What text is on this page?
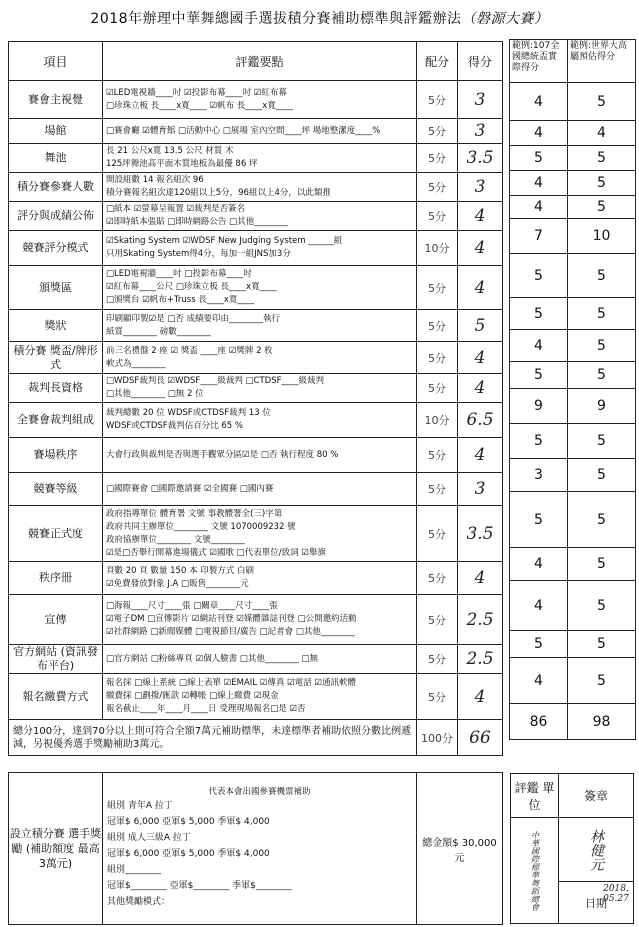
2018年辦理中華舞總國手選拔積分賽補助標準與評鑑辦法（磐源大賽）
項目	評鑑要點	配分	得分
賽會主視覺	☑LED電視牆____吋 ☑投影布幕____吋 ☑紅布幕
□珍珠立板 長____x寬____ ☑帆布 長____x寬____	5分	3
場館	□賽會廳 ☑體育館 □活動中心 □展場 室內空間____坪 場地整潔度____%	5分	3
舞池	長 21 公尺x寬 13.5 公尺 材質 木
125坪舞池高平面木質地板為最優 86 坪	5分	3.5
積分賽參賽人數	開設組數 14 報名組次 96
積分賽報名組次達120組以上5分，96組以上4分，以此類推	5分	3
評分與成績公佈	□紙本 ☑螢幕呈報置 ☑裁判是否簽名
☑即時紙本張貼 □即時網路公告 □其他________	5分	4
競賽評分模式	☑Skating System ☑WDSF New Judging System ______組
只用Skating System得4分，每加一組JNS加3分	10分	4
頒獎區	□LED電視牆____吋 □投影布幕____吋
☑紅布幕____公尺 □珍珠立板 長____x寬____
□頒獎台 ☑帆布+Truss 長____x寬____	5分	4
獎狀	印刷顯印製☑是 □否 成績要印由________執行
紙質________ 磅數________	5分	5
積分賽 獎盃/牌形式	前三名禮盤 2 座 ☑ 獎盃 ____座 ☑獎牌 2 枚
軟式為________	5分	4
裁判長資格	□WDSF裁判長 ☑WDSF____級裁判 □CTDSF____級裁判
□其他________ □無 2 位	5分	4
全賽會裁判組成	裁判總數 20 位 WDSF或CTDSF裁判 13 位
WDSF或CTDSF裁判佔百分比 65 %	10分	6.5
賽場秩序	大會行政與裁判是否與選手觀眾分區☑是 □否 執行程度 80 %	5分	4
競賽等級	□國際賽會 □國際邀請賽 ☑全國賽 □國內賽	5分	3
競賽正式度	政府指導單位 體育署 文號 事教體署全(三)字第
政府共同主辦單位________ 文號 1070009232 號
政府協辦單位________ 文號________
☑是□否舉行開幕進場儀式 ☑國歌 □代表單位/致詞 ☑舉旗	5分	3.5
秩序冊	頁數 20 頁 數量 150 本 印製方式 白刷
☑免費發放對象 J.A □販售________元	5分	4
宣傳	□海報____尺寸____張 □關章____尺寸____張
☑電子DM □宣傳影片 ☑網站刊登 ☑媒體雜誌刊登 □公開邀約活動
☑社群網路 □新聞媒體 □電視節目/廣告 □記者會 □其他________	5分	2.5
官方網站 (資訊發布平台)	□官方網站 □粉絲專頁 ☑個人臉書 □其他________ □無	5分	2.5
報名繳費方式	報名採 □線上系統 □線上表單 ☑EMAIL ☑傳真 ☑電話 ☑通訊軟體
繳費採 □劃撥/匯款 ☑轉帳 □線上繳費 ☑現金
報名截止____年____月____日 受理現場報名□是 ☑否	5分	4
總分100分，達到70分以上則可符合全額7萬元補助標準，未達標準者補助依照分數比例遞減，另視優秀選手獎勵補助3萬元。		100分	66
範例:107全國總統盃實際得分	範例:世界大高屬預估得分
4	5
4	4
5	5
4	5
4	5
7	10
5	5
5	5
4	5
5	5
9	9
5	5
3	5
5	5
4	5
4	5
5	5
4	5
86	98
設立積分賽 選手獎勵 (補助額度 最高3萬元)	
代表本會出國參賽機票補助
組別 青年A 拉丁
冠軍$ 6,000 亞軍$ 5,000 季軍$ 4,000
組別 成人三級A 拉丁
冠軍$ 6,000 亞軍$ 5,000 季軍$ 4,000
組別________
冠軍$________ 亞軍$________ 季軍$________
其他獎勵模式：
	總金額$ 30,000 元
評鑑 單位	簽章
中華國際標準舞蹈總會	林健元
	日期
2018.05.27
